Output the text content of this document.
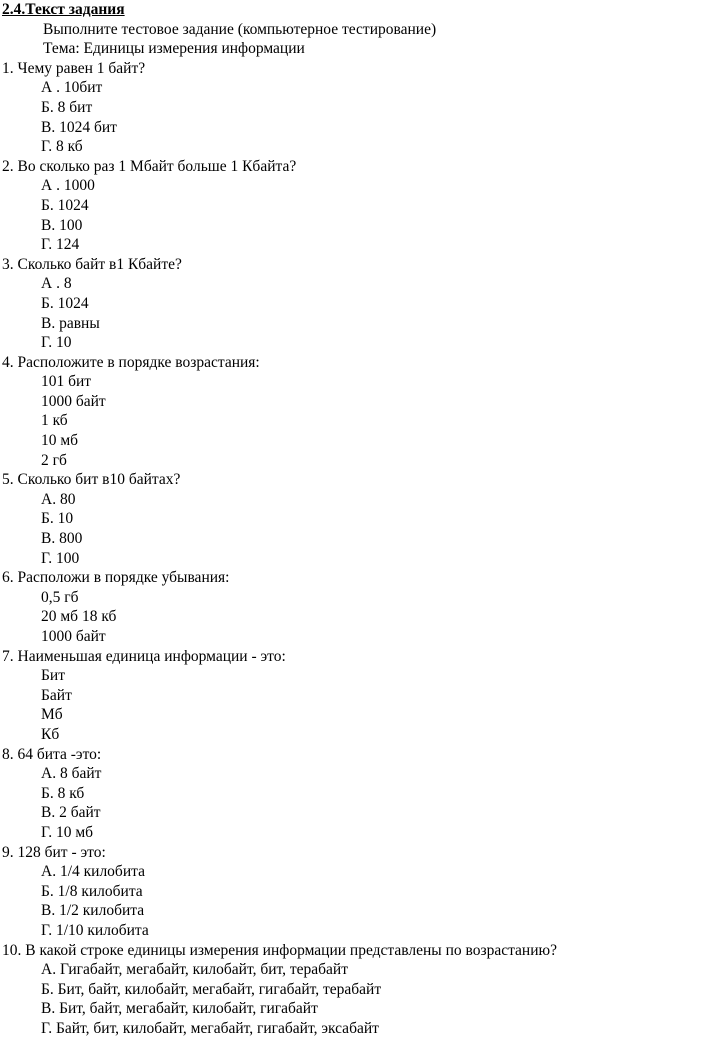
2.4.Текст задания
Выполните тестовое задание (компьютерное тестирование)
Тема: Единицы измерения информации
1. Чему равен 1 байт?
А . 10бит
Б. 8 бит
В. 1024 бит
Г. 8 кб
2. Во сколько раз 1 Мбайт больше 1 Кбайта?
А . 1000
Б. 1024
В. 100
Г. 124
3. Сколько байт в1 Кбайте?
А . 8
Б. 1024
В. равны
Г. 10
4. Расположите в порядке возрастания:
101 бит
1000 байт
1 кб
10 мб
2 гб
5. Сколько бит в10 байтах?
А. 80
Б. 10
В. 800
Г. 100
6. Расположи в порядке убывания:
0,5 гб
20 мб 18 кб
1000 байт
7. Наименьшая единица информации - это:
Бит
Байт
Мб
Кб
8. 64 бита -это:
А. 8 байт
Б. 8 кб
В. 2 байт
Г. 10 мб
9. 128 бит - это:
А. 1/4 килобита
Б. 1/8 килобита
В. 1/2 килобита
Г. 1/10 килобита
10. В какой строке единицы измерения информации представлены по возрастанию?
А. Гигабайт, мегабайт, килобайт, бит, терабайт
Б. Бит, байт, килобайт, мегабайт, гигабайт, терабайт
В. Бит, байт, мегабайт, килобайт, гигабайт
Г. Байт, бит, килобайт, мегабайт, гигабайт, эксабайт
